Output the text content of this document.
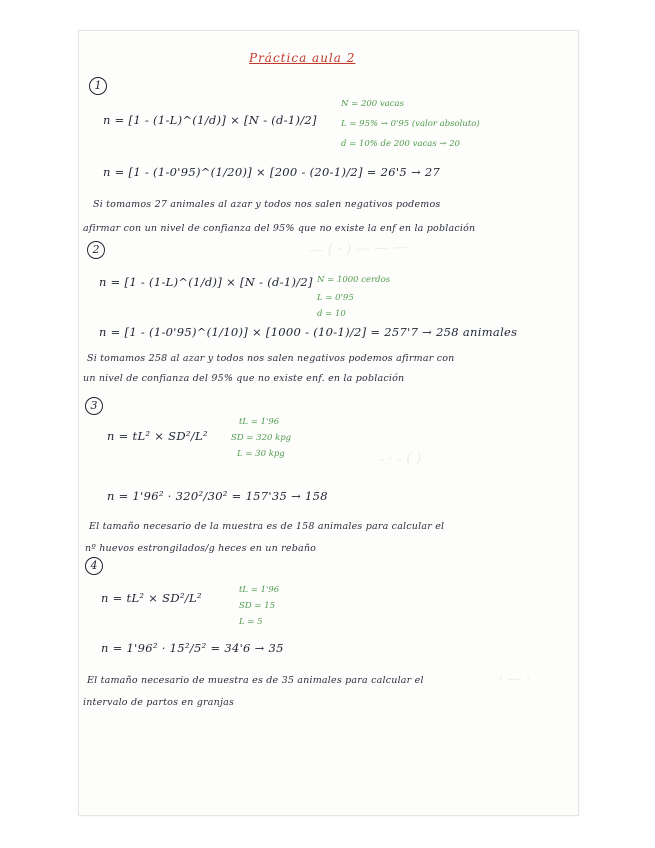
— ( · ) — — —
- · - ( )
· — ·
Práctica aula 2
1
n = [1 - (1-L)^(1/d)] × [N - (d-1)/2]
N = 200 vacas
L = 95% → 0'95 (valor absoluto)
d = 10% de 200 vacas → 20
n = [1 - (1-0'95)^(1/20)] × [200 - (20-1)/2] = 26'5 → 27
Si tomamos 27 animales al azar y todos nos salen negativos podemos
afirmar con un nivel de confianza del 95% que no existe la enf en la población
2
n = [1 - (1-L)^(1/d)] × [N - (d-1)/2] N = 1000 cerdos
L = 0'95
d = 10
n = [1 - (1-0'95)^(1/10)] × [1000 - (10-1)/2] = 257'7 → 258 animales
Si tomamos 258 al azar y todos nos salen negativos podemos afirmar con
un nivel de confianza del 95% que no existe enf. en la población
3
n = tL² × SD²/L²
tL = 1'96
SD = 320 kpg
L = 30 kpg
n = 1'96² · 320²/30² = 157'35 → 158
El tamaño necesario de la muestra es de 158 animales para calcular el
nº huevos estrongilados/g heces en un rebaño
4
n = tL² × SD²/L²
tL = 1'96
SD = 15
L = 5
n = 1'96² · 15²/5² = 34'6 → 35
El tamaño necesario de muestra es de 35 animales para calcular el
intervalo de partos en granjas
